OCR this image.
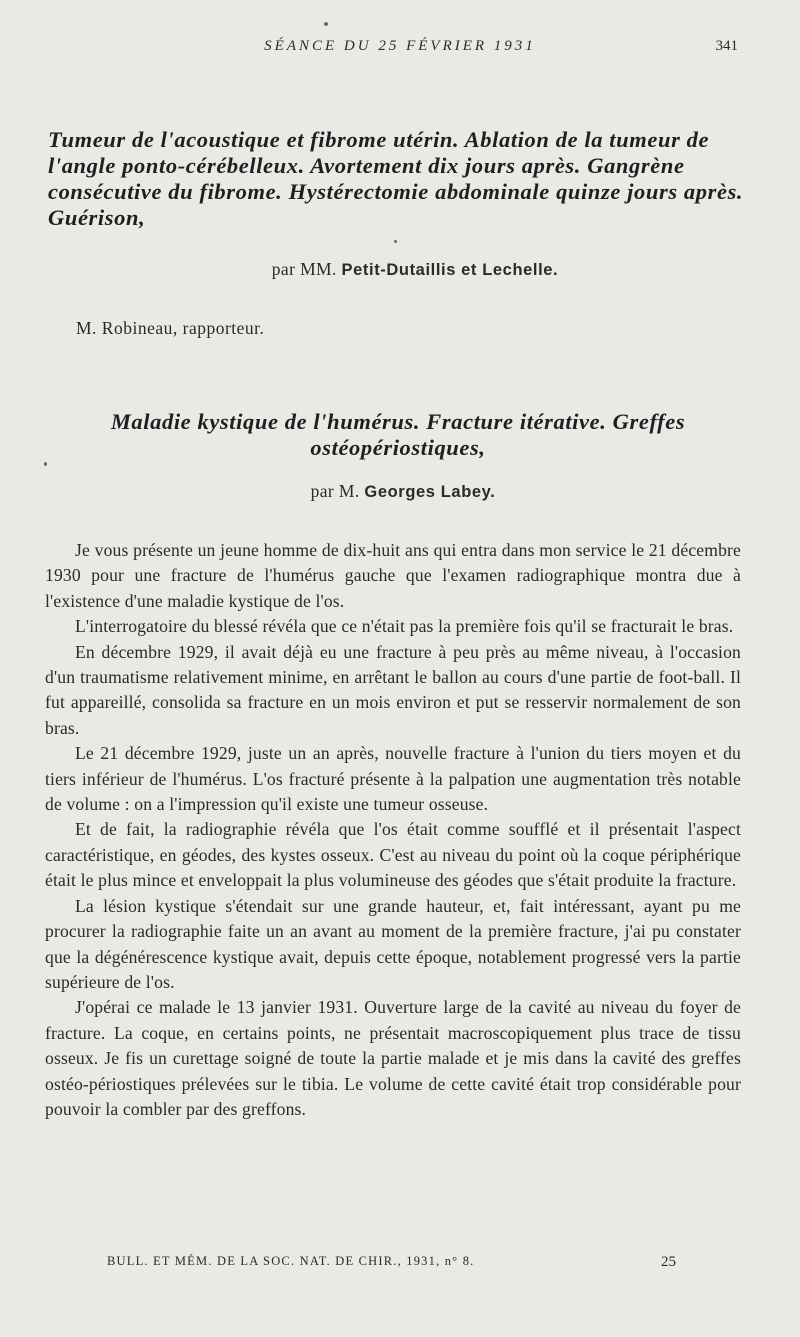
SÉANCE DU 25 FÉVRIER 1931	341
Tumeur de l'acoustique et fibrome utérin. Ablation de la tumeur de l'angle ponto-cérébelleux. Avortement dix jours après. Gangrène consécutive du fibrome. Hystérectomie abdominale quinze jours après. Guérison,
par MM. Petit-Dutaillis et Lechelle.
M. Robineau, rapporteur.
Maladie kystique de l'humérus. Fracture itérative. Greffes ostéopériostiques,
par M. Georges Labey.

Je vous présente un jeune homme de dix-huit ans qui entra dans mon service le 21 décembre 1930 pour une fracture de l'humérus gauche que l'examen radiographique montra due à l'existence d'une maladie kystique de l'os.

L'interrogatoire du blessé révéla que ce n'était pas la première fois qu'il se fracturait le bras.

En décembre 1929, il avait déjà eu une fracture à peu près au même niveau, à l'occasion d'un traumatisme relativement minime, en arrêtant le ballon au cours d'une partie de foot-ball. Il fut appareillé, consolida sa fracture en un mois environ et put se resservir normalement de son bras.

Le 21 décembre 1929, juste un an après, nouvelle fracture à l'union du tiers moyen et du tiers inférieur de l'humérus. L'os fracturé présente à la palpation une augmentation très notable de volume : on a l'impression qu'il existe une tumeur osseuse.

Et de fait, la radiographie révéla que l'os était comme soufflé et il présentait l'aspect caractéristique, en géodes, des kystes osseux. C'est au niveau du point où la coque périphérique était le plus mince et enveloppait la plus volumineuse des géodes que s'était produite la fracture.

La lésion kystique s'étendait sur une grande hauteur, et, fait intéressant, ayant pu me procurer la radiographie faite un an avant au moment de la première fracture, j'ai pu constater que la dégénérescence kystique avait, depuis cette époque, notablement progressé vers la partie supérieure de l'os.

J'opérai ce malade le 13 janvier 1931. Ouverture large de la cavité au niveau du foyer de fracture. La coque, en certains points, ne présentait macroscopiquement plus trace de tissu osseux. Je fis un curettage soigné de toute la partie malade et je mis dans la cavité des greffes ostéo-périostiques prélevées sur le tibia. Le volume de cette cavité était trop considérable pour pouvoir la combler par des greffons.

BULL. ET MÉM. DE LA SOC. NAT. DE CHIR., 1931, n° 8.	25
